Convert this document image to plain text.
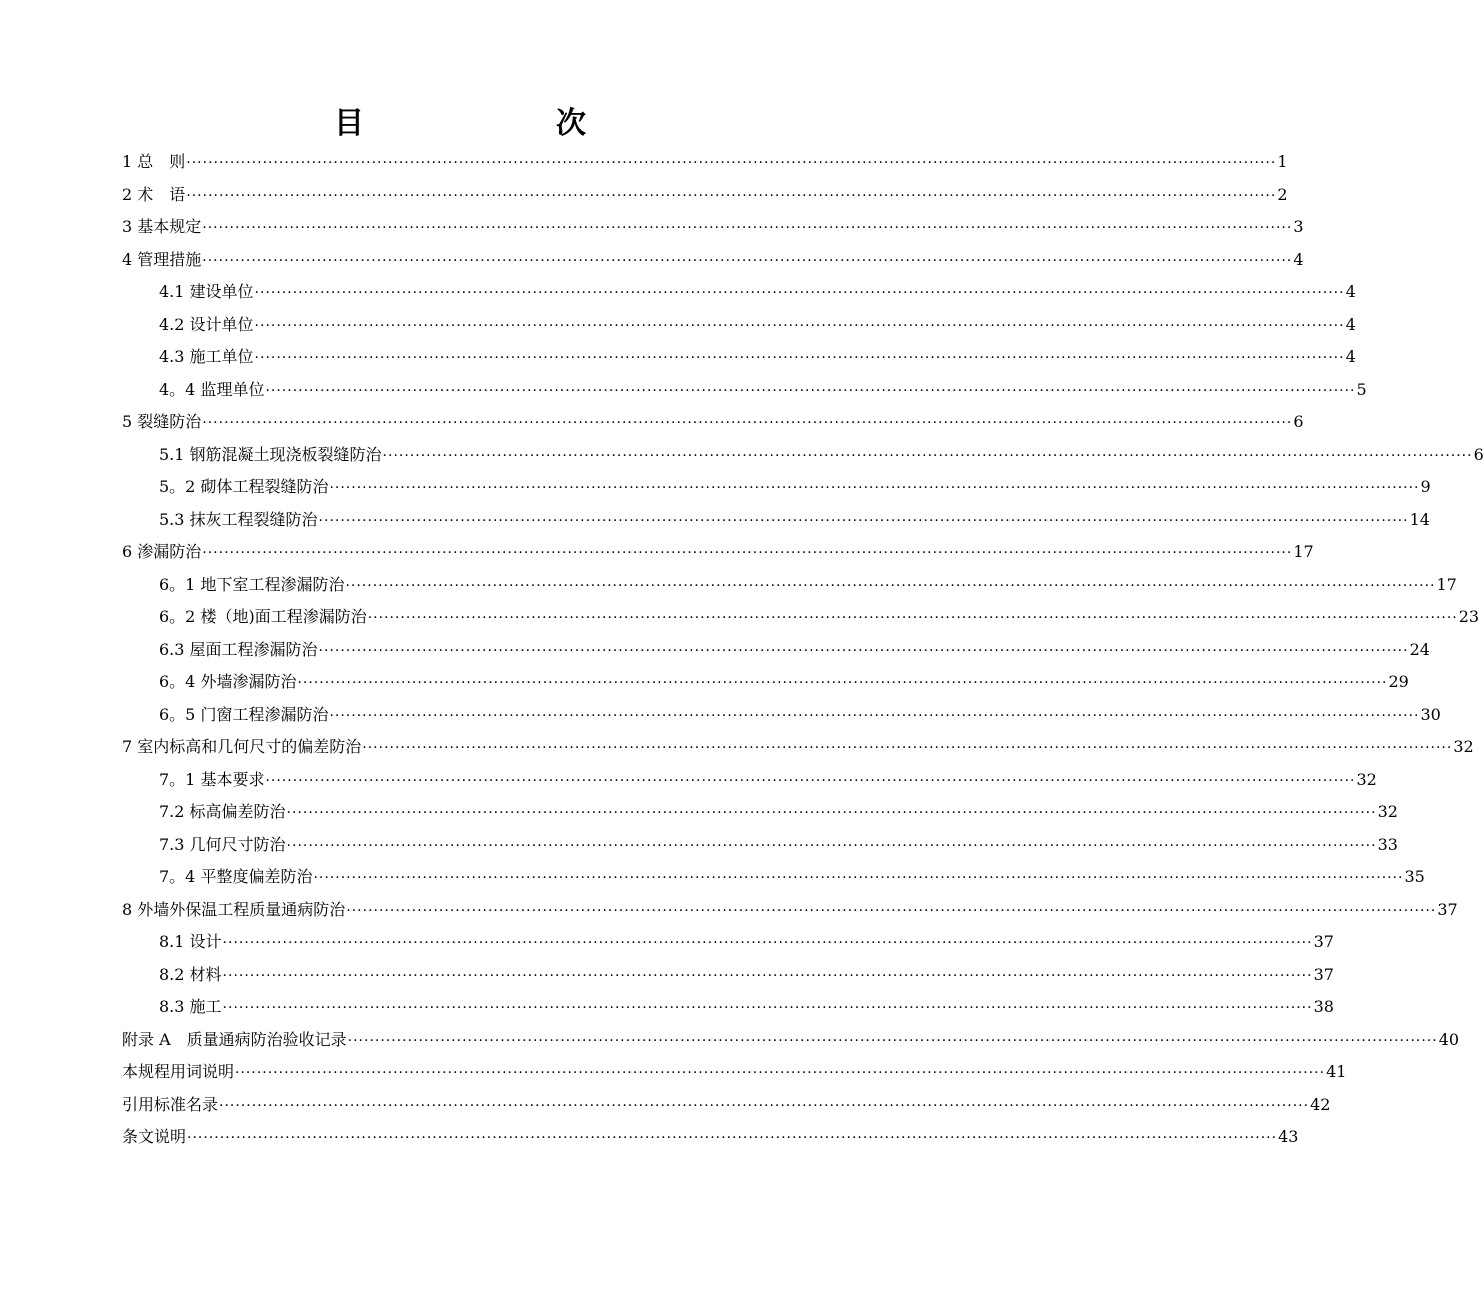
目　　次
1 总　则 ········································································································································································································ 1
2 术　语 ········································································································································································································ 2
3 基本规定 ········································································································································································································ 3
4 管理措施 ········································································································································································································ 4
4.1 建设单位 ········································································································································································································ 4
4.2 设计单位 ········································································································································································································ 4
4.3 施工单位 ········································································································································································································ 4
4。4 监理单位 ········································································································································································································ 5
5 裂缝防治 ········································································································································································································ 6
5.1 钢筋混凝土现浇板裂缝防治 ········································································································································································································ 6
5。2 砌体工程裂缝防治 ········································································································································································································ 9
5.3 抹灰工程裂缝防治 ········································································································································································································ 14
6 渗漏防治 ········································································································································································································ 17
6。1 地下室工程渗漏防治 ········································································································································································································ 17
6。2 楼（地)面工程渗漏防治 ········································································································································································································ 23
6.3 屋面工程渗漏防治 ········································································································································································································ 24
6。4 外墙渗漏防治 ········································································································································································································ 29
6。5 门窗工程渗漏防治 ········································································································································································································ 30
7 室内标高和几何尺寸的偏差防治 ········································································································································································································ 32
7。1 基本要求 ········································································································································································································ 32
7.2 标高偏差防治 ········································································································································································································ 32
7.3 几何尺寸防治 ········································································································································································································ 33
7。4 平整度偏差防治 ········································································································································································································ 35
8 外墙外保温工程质量通病防治 ········································································································································································································ 37
8.1 设计 ········································································································································································································ 37
8.2 材料 ········································································································································································································ 37
8.3 施工 ········································································································································································································ 38
附录 A　质量通病防治验收记录 ········································································································································································································ 40
本规程用词说明 ········································································································································································································ 41
引用标准名录 ········································································································································································································ 42
条文说明 ········································································································································································································ 43
